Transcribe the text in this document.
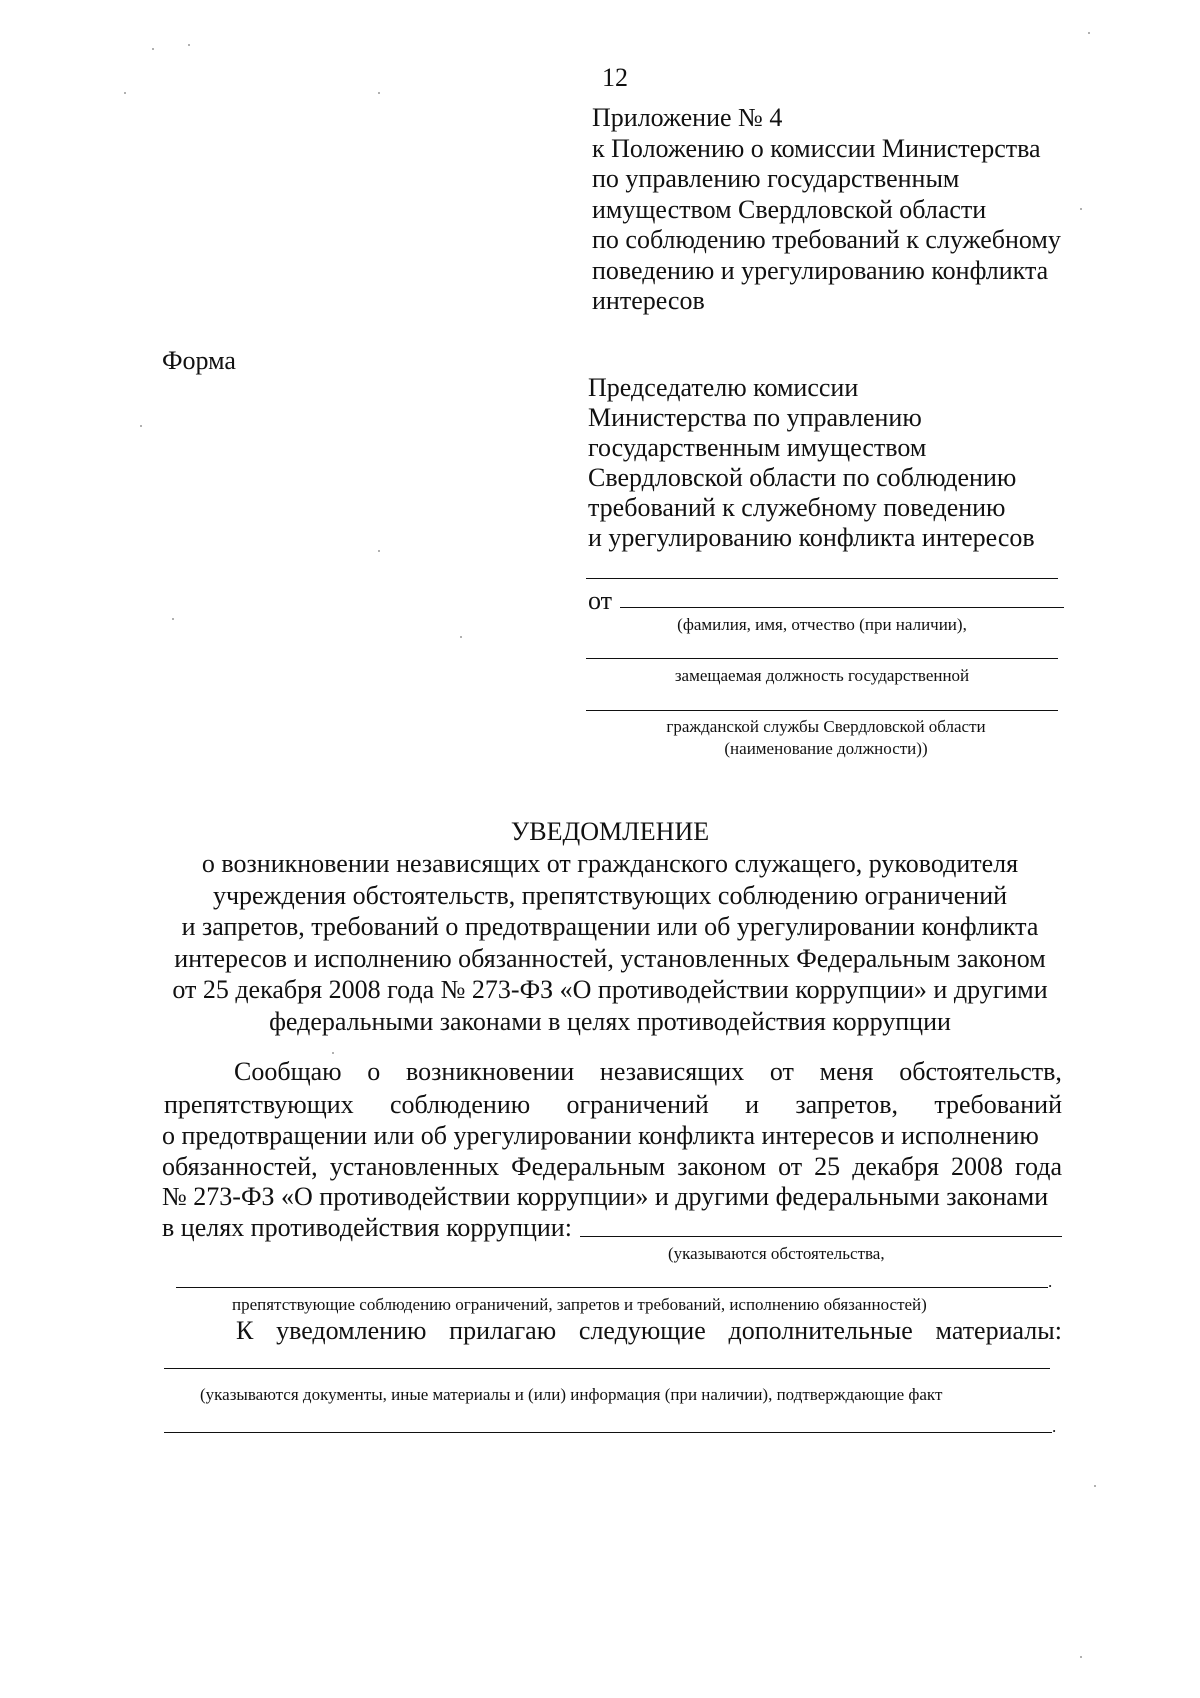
12
Приложение № 4
к Положению о комиссии Министерства
по управлению государственным
имуществом Свердловской области
по соблюдению требований к служебному
поведению и урегулированию конфликта
интересов
Форма
Председателю комиссии
Министерства по управлению
государственным имуществом
Свердловской области по соблюдению
требований к служебному поведению
и урегулированию конфликта интересов
от
(фамилия, имя, отчество (при наличии),
замещаемая должность государственной
гражданской службы Свердловской области
(наименование должности))
УВЕДОМЛЕНИЕ
о возникновении независящих от гражданского служащего, руководителя
учреждения обстоятельств, препятствующих соблюдению ограничений
и запретов, требований о предотвращении или об урегулировании конфликта
интересов и исполнению обязанностей, установленных Федеральным законом
от 25 декабря 2008 года № 273-ФЗ «О противодействии коррупции» и другими
федеральными законами в целях противодействия коррупции
Сообщаю о возникновении независящих от меня обстоятельств,
препятствующих соблюдению ограничений и запретов, требований
о предотвращении или об урегулировании конфликта интересов и исполнению
обязанностей, установленных Федеральным законом от 25 декабря 2008 года
№ 273-ФЗ «О противодействии коррупции» и другими федеральными законами
в целях противодействия коррупции:
(указываются обстоятельства,
.
препятствующие соблюдению ограничений, запретов и требований, исполнению обязанностей)
К уведомлению прилагаю следующие дополнительные материалы:
(указываются документы, иные материалы и (или) информация (при наличии), подтверждающие факт
.
